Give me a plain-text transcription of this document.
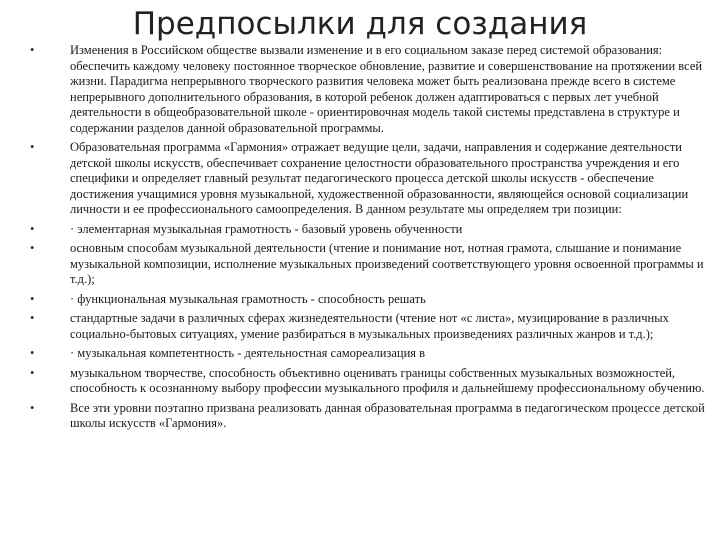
Предпосылки для создания
•	Изменения в Российском обществе вызвали изменение и в его социальном заказе перед системой образования: обеспечить каждому человеку постоянное творческое обновление, развитие и совершенствование на протяжении всей жизни. Парадигма непрерывного творческого развития человека может быть реализована прежде всего в системе непрерывного дополнительного образования, в которой ребенок должен адаптироваться с первых лет учебной деятельности в общеобразовательной школе - ориентировочная модель такой системы представлена в структуре и содержании разделов данной образовательной программы.
•	Образовательная программа «Гармония» отражает ведущие цели, задачи, направления и содержание деятельности детской школы искусств, обеспечивает сохранение целостности образовательного пространства учреждения и его специфики и определяет главный результат педагогического процесса детской школы искусств - обеспечение достижения учащимися уровня музыкальной, художественной образованности, являющейся основой социализации личности и ее профессионального самоопределения. В данном результате мы определяем три позиции:
•	· элементарная музыкальная грамотность - базовый уровень обученности
•	основным способам музыкальной деятельности (чтение и понимание нот, нотная грамота, слышание и понимание музыкальной композиции, исполнение музыкальных произведений соответствующего уровня освоенной программы и т.д.);
•	· функциональная музыкальная грамотность - способность решать
•	стандартные задачи в различных сферах жизнедеятельности (чтение нот «с листа», музицирование в различных социально-бытовых ситуациях, умение разбираться в музыкальных произведениях различных жанров и т.д.);
•	· музыкальная компетентность - деятельностная самореализация в
•	музыкальном творчестве, способность объективно оценивать границы собственных музыкальных возможностей, способность к осознанному выбору профессии музыкального профиля и дальнейшему профессиональному обучению.
•	Все эти уровни поэтапно призвана реализовать данная образовательная программа в педагогическом процессе детской школы искусств «Гармония».
